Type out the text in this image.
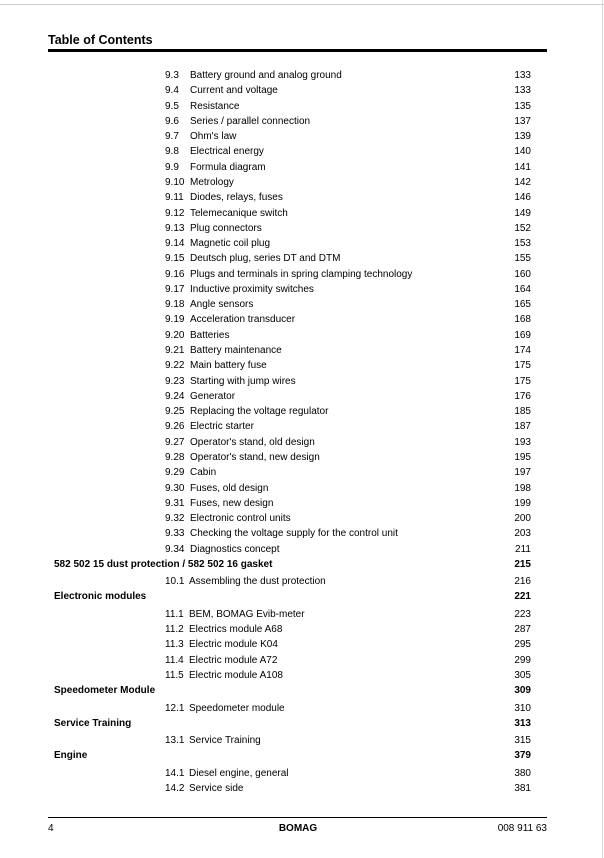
Table of Contents
9.3 Battery ground and analog ground	133
9.4 Current and voltage	133
9.5 Resistance	135
9.6 Series / parallel connection	137
9.7 Ohm's law	139
9.8 Electrical energy	140
9.9 Formula diagram	141
9.10 Metrology	142
9.11 Diodes, relays, fuses	146
9.12 Telemecanique switch	149
9.13 Plug connectors	152
9.14 Magnetic coil plug	153
9.15 Deutsch plug, series DT and DTM	155
9.16 Plugs and terminals in spring clamping technology	160
9.17 Inductive proximity switches	164
9.18 Angle sensors	165
9.19 Acceleration transducer	168
9.20 Batteries	169
9.21 Battery maintenance	174
9.22 Main battery fuse	175
9.23 Starting with jump wires	175
9.24 Generator	176
9.25 Replacing the voltage regulator	185
9.26 Electric starter	187
9.27 Operator's stand, old design	193
9.28 Operator's stand, new design	195
9.29 Cabin	197
9.30 Fuses, old design	198
9.31 Fuses, new design	199
9.32 Electronic control units	200
9.33 Checking the voltage supply for the control unit	203
9.34 Diagnostics concept	211
582 502 15 dust protection / 582 502 16 gasket	215
10.1 Assembling the dust protection	216
Electronic modules	221
11.1 BEM, BOMAG Evib-meter	223
11.2 Electrics module A68	287
11.3 Electric module K04	295
11.4 Electric module A72	299
11.5 Electric module A108	305
Speedometer Module	309
12.1 Speedometer module	310
Service Training	313
13.1 Service Training	315
Engine	379
14.1 Diesel engine, general	380
14.2 Service side	381
4	BOMAG	008 911 63
